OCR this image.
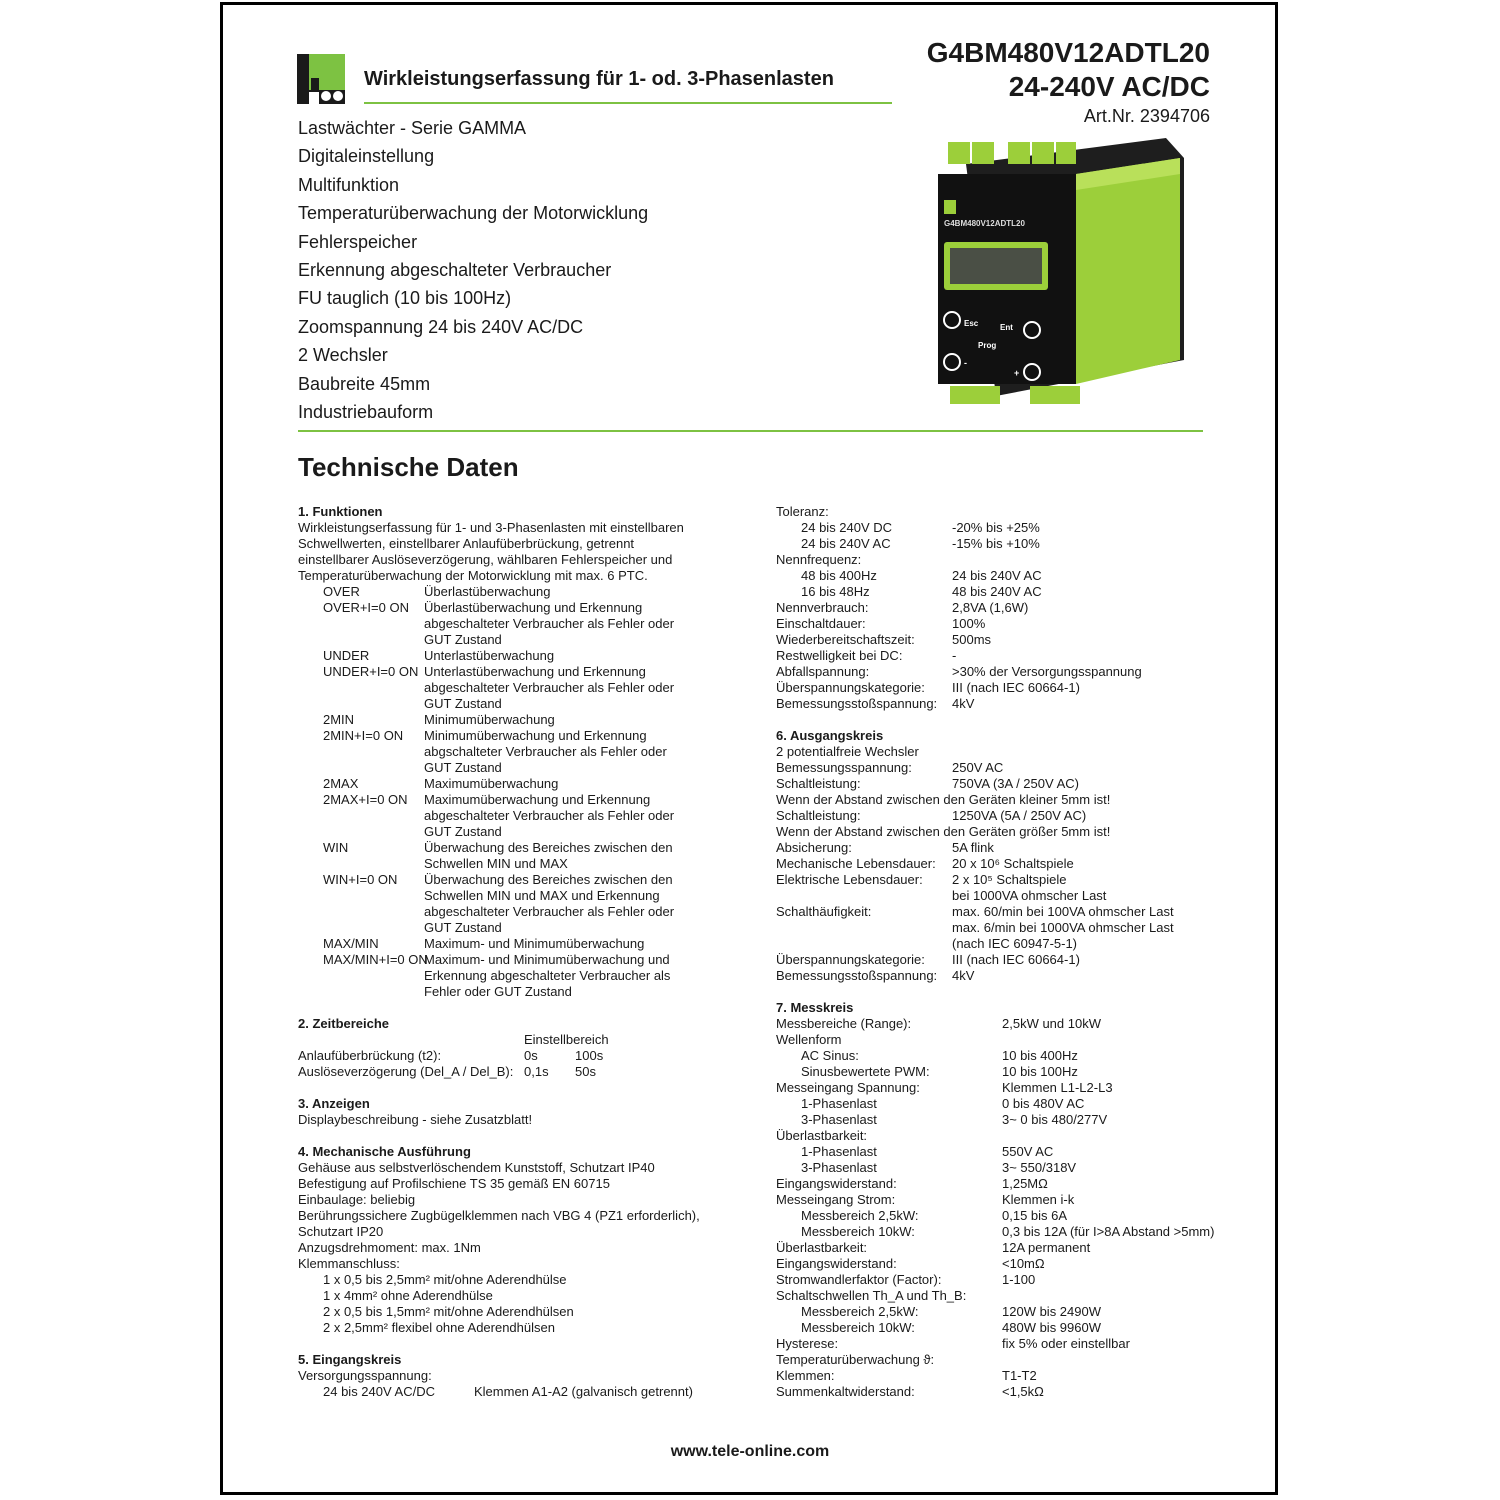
Wirkleistungserfassung für 1- od. 3-Phasenlasten
G4BM480V12ADTL20
24-240V AC/DC
Art.Nr. 2394706
Lastwächter - Serie GAMMA
Digitaleinstellung
Multifunktion
Temperaturüberwachung der Motorwicklung
Fehlerspeicher
Erkennung abgeschalteter Verbraucher
FU tauglich (10 bis 100Hz)
Zoomspannung 24 bis 240V AC/DC
2 Wechsler
Baubreite 45mm
Industriebauform
G4BM480V12ADTL20
Esc	Ent
Prog
-
+
Technische Daten
1. Funktionen
Wirkleistungserfassung für 1- und 3-Phasenlasten mit einstellbaren
Schwellwerten, einstellbarer Anlaufüberbrückung, getrennt
einstellbarer Auslöseverzögerung, wählbaren Fehlerspeicher und
Temperaturüberwachung der Motorwicklung mit max. 6 PTC.
OVER	Überlastüberwachung
OVER+I=0 ON Überlastüberwachung und Erkennung
abgeschalteter Verbraucher als Fehler oder
GUT Zustand
UNDER	Unterlastüberwachung
UNDER+I=0 ON Unterlastüberwachung und Erkennung
abgeschalteter Verbraucher als Fehler oder
GUT Zustand
2MIN	Minimumüberwachung
2MIN+I=0 ON Minimumüberwachung und Erkennung
abgschalteter Verbraucher als Fehler oder
GUT Zustand
2MAX	Maximumüberwachung
2MAX+I=0 ON Maximumüberwachung und Erkennung
abgeschalteter Verbraucher als Fehler oder
GUT Zustand
WIN	Überwachung des Bereiches zwischen den
Schwellen MIN und MAX
WIN+I=0 ON Überwachung des Bereiches zwischen den
Schwellen MIN und MAX und Erkennung
abgeschalteter Verbraucher als Fehler oder
GUT Zustand
MAX/MIN	Maximum- und Minimumüberwachung
MAX/MIN+I=0 ON
Maximum- und Minimumüberwachung und
Erkennung abgeschalteter Verbraucher als
Fehler oder GUT Zustand
2. Zeitbereiche
Einstellbereich
Anlaufüberbrückung (t2):	0s	100s
Auslöseverzögerung (Del_A / Del_B): 0,1s 50s
3. Anzeigen
Displaybeschreibung - siehe Zusatzblatt!
4. Mechanische Ausführung
Gehäuse aus selbstverlöschendem Kunststoff, Schutzart IP40
Befestigung auf Profilschiene TS 35 gemäß EN 60715
Einbaulage: beliebig
Berührungssichere Zugbügelklemmen nach VBG 4 (PZ1 erforderlich),
Schutzart IP20
Anzugsdrehmoment: max. 1Nm
Klemmanschluss:
1 x 0,5 bis 2,5mm² mit/ohne Aderendhülse
1 x 4mm² ohne Aderendhülse
2 x 0,5 bis 1,5mm² mit/ohne Aderendhülsen
2 x 2,5mm² flexibel ohne Aderendhülsen
5. Eingangskreis
Versorgungsspannung:
24 bis 240V AC/DC	Klemmen A1-A2 (galvanisch getrennt)
Toleranz:
24 bis 240V DC	-20% bis +25%
24 bis 240V AC	-15% bis +10%
Nennfrequenz:
48 bis 400Hz	24 bis 240V AC
16 bis 48Hz	48 bis 240V AC
Nennverbrauch:	2,8VA (1,6W)
Einschaltdauer:	100%
Wiederbereitschaftszeit:	500ms
Restwelligkeit bei DC:	-
Abfallspannung:	>30% der Versorgungsspannung
Überspannungskategorie: III (nach IEC 60664-1)
Bemessungsstoßspannung: 4kV
6. Ausgangskreis
2 potentialfreie Wechsler
Bemessungsspannung:	250V AC
Schaltleistung:	750VA (3A / 250V AC)
Wenn der Abstand zwischen den Geräten kleiner 5mm ist!
Schaltleistung:	1250VA (5A / 250V AC)
Wenn der Abstand zwischen den Geräten größer 5mm ist!
Absicherung:	5A flink
Mechanische Lebensdauer: 20 x 10⁶ Schaltspiele
Elektrische Lebensdauer: 2 x 10⁵ Schaltspiele
bei 1000VA ohmscher Last
Schalthäufigkeit:	max. 60/min bei 100VA ohmscher Last
max. 6/min bei 1000VA ohmscher Last
(nach IEC 60947-5-1)
Überspannungskategorie: III (nach IEC 60664-1)
Bemessungsstoßspannung: 4kV
7. Messkreis
Messbereiche (Range):	2,5kW und 10kW
Wellenform
AC Sinus:	10 bis 400Hz
Sinusbewertete PWM:	10 bis 100Hz
Messeingang Spannung:	Klemmen L1-L2-L3
1-Phasenlast	0 bis 480V AC
3-Phasenlast	3~ 0 bis 480/277V
Überlastbarkeit:
1-Phasenlast	550V AC
3-Phasenlast	3~ 550/318V
Eingangswiderstand:	1,25MΩ
Messeingang Strom:	Klemmen i-k
Messbereich 2,5kW:	0,15 bis 6A
Messbereich 10kW:	0,3 bis 12A (für I>8A Abstand >5mm)
Überlastbarkeit:	12A permanent
Eingangswiderstand:	<10mΩ
Stromwandlerfaktor (Factor):	1-100
Schaltschwellen Th_A und Th_B:
Messbereich 2,5kW:	120W bis 2490W
Messbereich 10kW:	480W bis 9960W
Hysterese:	fix 5% oder einstellbar
Temperaturüberwachung ϑ:
Klemmen:	T1-T2
Summenkaltwiderstand:	<1,5kΩ
www.tele-online.com
